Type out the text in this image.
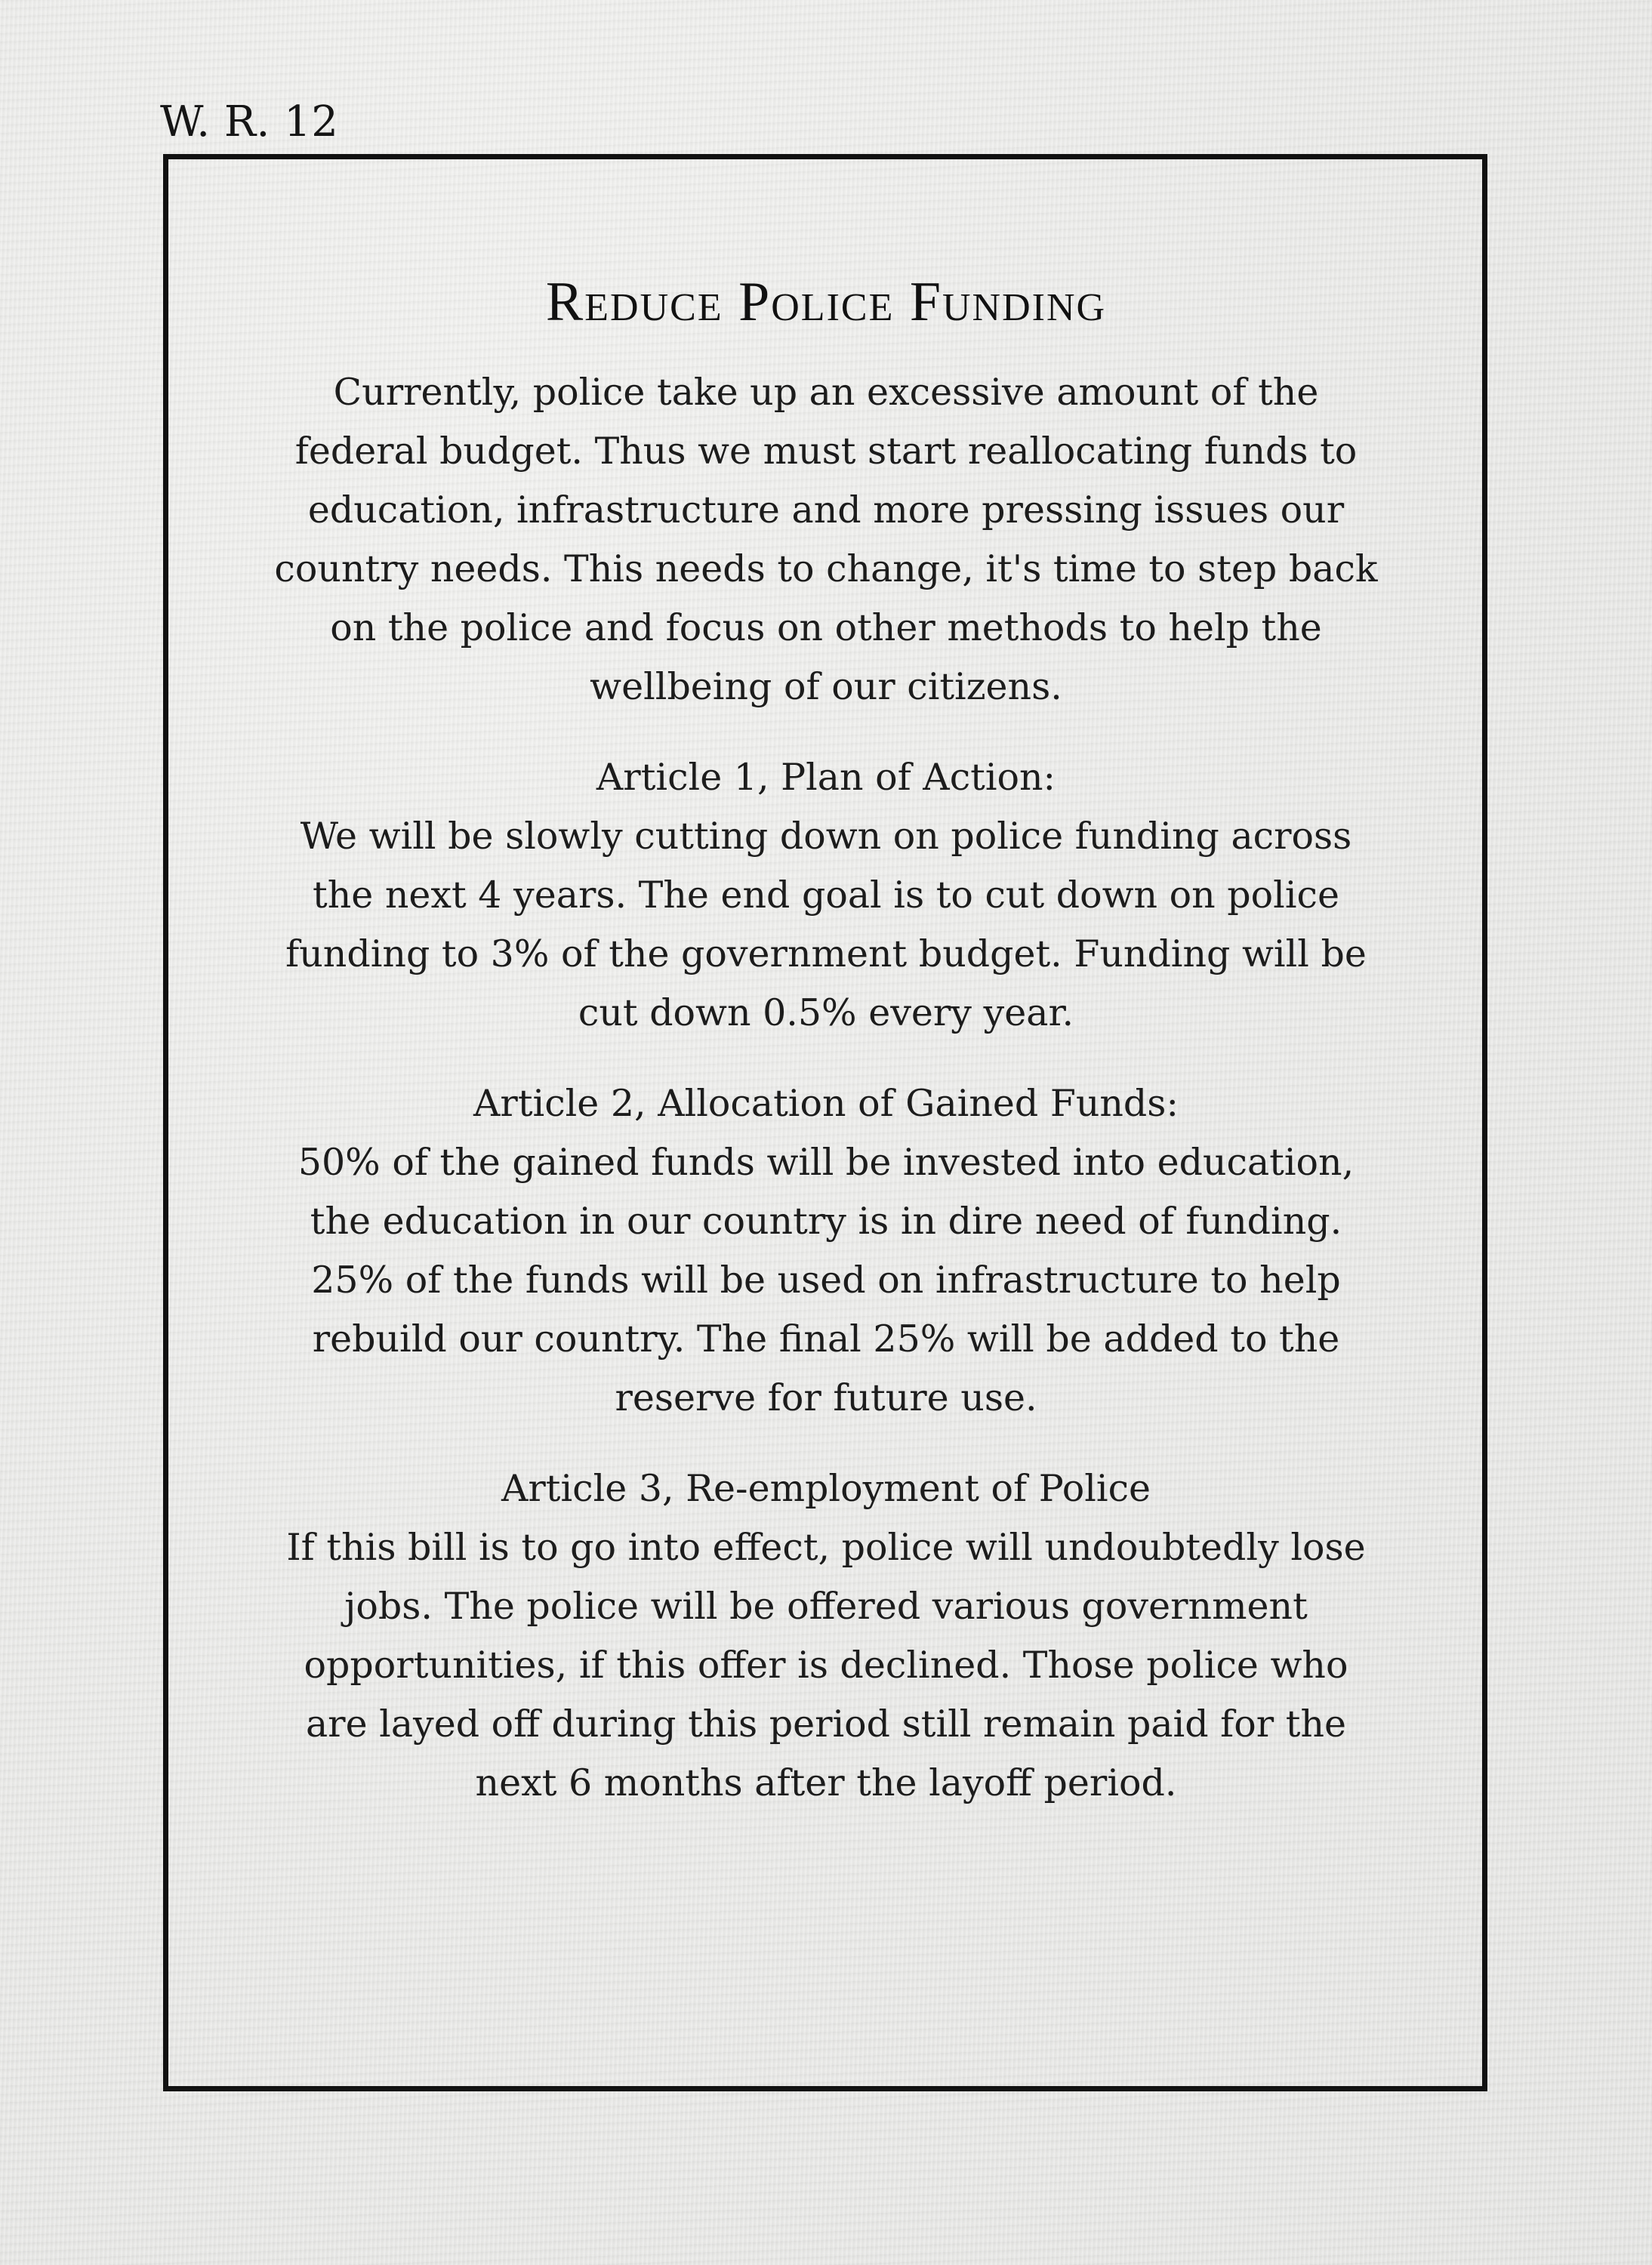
W. R. 12
Reduce Police Funding

Currently, police take up an excessive amount of the federal budget. Thus we must start reallocating funds to education, infrastructure and more pressing issues our country needs. This needs to change, it's time to step back on the police and focus on other methods to help the wellbeing of our citizens.

Article 1, Plan of Action:
We will be slowly cutting down on police funding across the next 4 years. The end goal is to cut down on police funding to 3% of the government budget. Funding will be cut down 0.5% every year.
Article 2, Allocation of Gained Funds:
50% of the gained funds will be invested into education, the education in our country is in dire need of funding. 25% of the funds will be used on infrastructure to help rebuild our country. The final 25% will be added to the reserve for future use.
Article 3, Re-employment of Police
If this bill is to go into effect, police will undoubtedly lose jobs. The police will be offered various government opportunities, if this offer is declined. Those police who are layed off during this period still remain paid for the next 6 months after the layoff period.
